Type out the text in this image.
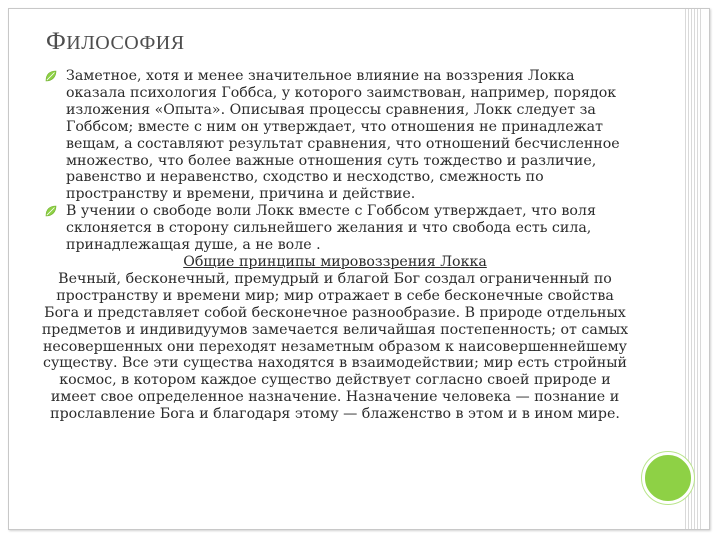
ФИЛОСОФИЯ

Заметное, хотя и менее значительное влияние на воззрения Локка оказала психология Гоббса, у которого заимствован, например, порядок изложения «Опыта». Описывая процессы сравнения, Локк следует за Гоббсом; вместе с ним он утверждает, что отношения не принадлежат вещам, а составляют результат сравнения, что отношений бесчисленное множество, что более важные отношения суть тождество и различие, равенство и неравенство, сходство и несходство, смежность по пространству и времени, причина и действие.

В учении о свободе воли Локк вместе с Гоббсом утверждает, что воля склоняется в сторону сильнейшего желания и что свобода есть сила, принадлежащая душе, а не воле .

Общие принципы мировоззрения Локка

Вечный, бесконечный, премудрый и благой Бог создал ограниченный по пространству и времени мир; мир отражает в себе бесконечные свойства Бога и представляет собой бесконечное разнообразие. В природе отдельных предметов и индивидуумов замечается величайшая постепенность; от самых несовершенных они переходят незаметным образом к наисовершеннейшему существу. Все эти существа находятся в взаимодействии; мир есть стройный космос, в котором каждое существо действует согласно своей природе и имеет свое определенное назначение. Назначение человека — познание и прославление Бога и благодаря этому — блаженство в этом и в ином мире.
